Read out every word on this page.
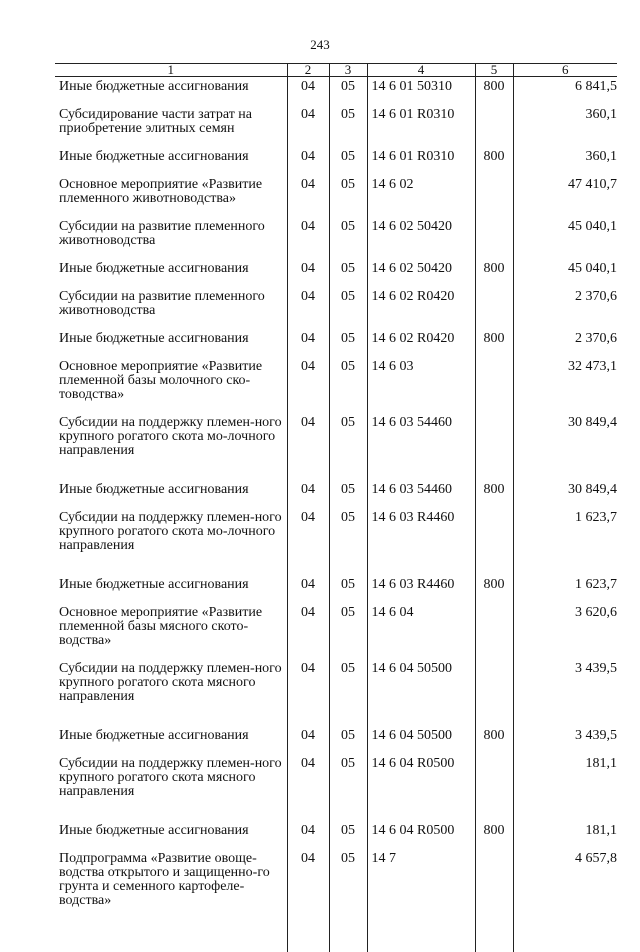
243
1	2	3	4	5	6
Иные бюджетные ассигнования	04	05	14 6 01 50310	800	6 841,5
Субсидирование части затрат на приобретение элитных семян	04	05	14 6 01 R0310		360,1
Иные бюджетные ассигнования	04	05	14 6 01 R0310	800	360,1
Основное мероприятие «Развитие племенного животноводства»	04	05	14 6 02		47 410,7
Субсидии на развитие племенного животноводства	04	05	14 6 02 50420		45 040,1
Иные бюджетные ассигнования	04	05	14 6 02 50420	800	45 040,1
Субсидии на развитие племенного животноводства	04	05	14 6 02 R0420		2 370,6
Иные бюджетные ассигнования	04	05	14 6 02 R0420	800	2 370,6
Основное мероприятие «Развитие племенной базы молочного ско-товодства»	04	05	14 6 03		32 473,1
Субсидии на поддержку племен-ного крупного рогатого скота мо-лочного направления	04	05	14 6 03 54460		30 849,4
Иные бюджетные ассигнования	04	05	14 6 03 54460	800	30 849,4
Субсидии на поддержку племен-ного крупного рогатого скота мо-лочного направления	04	05	14 6 03 R4460		1 623,7
Иные бюджетные ассигнования	04	05	14 6 03 R4460	800	1 623,7
Основное мероприятие «Развитие племенной базы мясного ското-водства»	04	05	14 6 04		3 620,6
Субсидии на поддержку племен-ного крупного рогатого скота мясного направления	04	05	14 6 04 50500		3 439,5
Иные бюджетные ассигнования	04	05	14 6 04 50500	800	3 439,5
Субсидии на поддержку племен-ного крупного рогатого скота мясного направления	04	05	14 6 04 R0500		181,1
Иные бюджетные ассигнования	04	05	14 6 04 R0500	800	181,1
Подпрограмма «Развитие овоще-водства открытого и защищенно-го грунта и семенного картофеле-водства»	04	05	14 7		4 657,8
